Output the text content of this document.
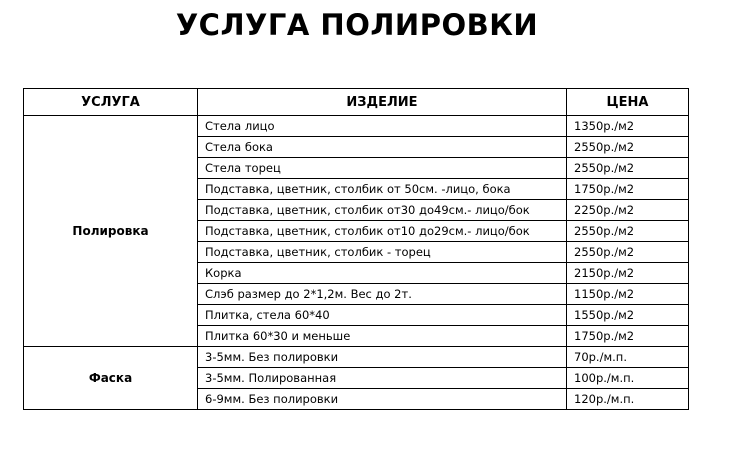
УСЛУГА ПОЛИРОВКИ
УСЛУГА	ИЗДЕЛИЕ	ЦЕНА
Полировка	Стела лицо	1350р./м2
	Стела бока	2550р./м2
	Стела торец	2550р./м2
	Подставка, цветник, столбик от 50см. -лицо, бока	1750р./м2
	Подставка, цветник, столбик от30 до49см.- лицо/бок	2250р./м2
	Подставка, цветник, столбик от10 до29см.- лицо/бок	2550р./м2
	Подставка, цветник, столбик - торец	2550р./м2
	Корка	2150р./м2
	Слэб размер до 2*1,2м. Вес до 2т.	1150р./м2
	Плитка, стела 60*40	1550р./м2
	Плитка 60*30 и меньше	1750р./м2
Фаска	3-5мм. Без полировки	70р./м.п.
	3-5мм. Полированная	100р./м.п.
	6-9мм. Без полировки	120р./м.п.
